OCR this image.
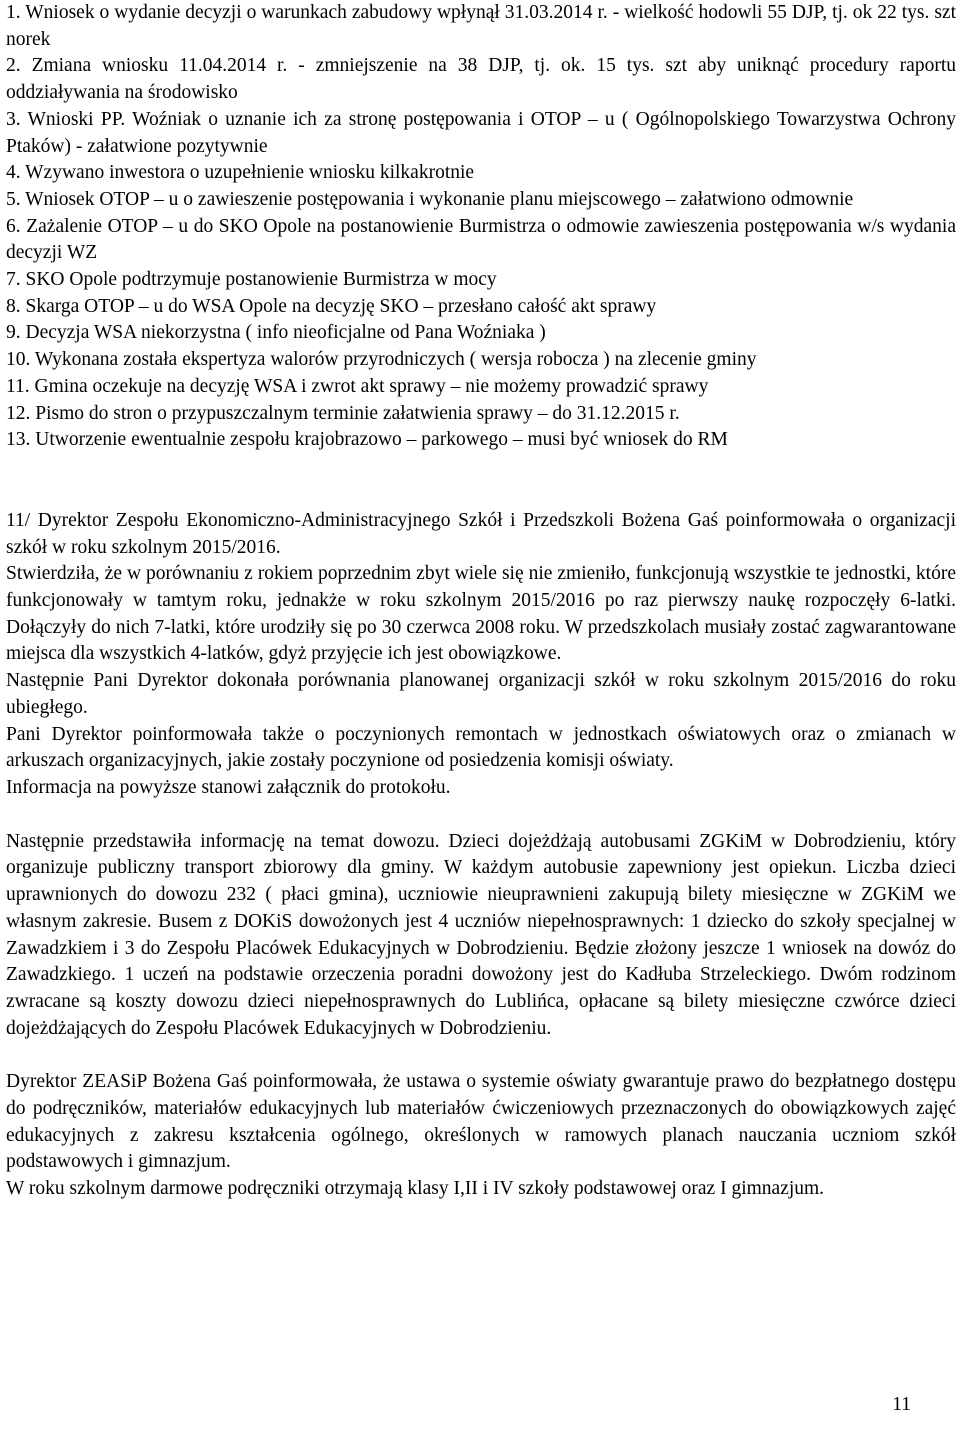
1. Wniosek o wydanie decyzji o warunkach zabudowy wpłynął 31.03.2014 r. - wielkość hodowli 55 DJP, tj. ok 22 tys. szt norek

2. Zmiana wniosku 11.04.2014 r. - zmniejszenie na 38 DJP, tj. ok. 15 tys. szt aby uniknąć procedury raportu oddziaływania na środowisko

3. Wnioski PP. Woźniak o uznanie ich za stronę postępowania i OTOP – u ( Ogólnopolskiego Towarzystwa Ochrony Ptaków) - załatwione pozytywnie

4. Wzywano inwestora o uzupełnienie wniosku kilkakrotnie

5. Wniosek OTOP – u o zawieszenie postępowania i wykonanie planu miejscowego – załatwiono odmownie

6. Zażalenie OTOP – u do SKO Opole na postanowienie Burmistrza o odmowie zawieszenia postępowania w/s wydania decyzji WZ

7. SKO Opole podtrzymuje postanowienie Burmistrza w mocy

8. Skarga OTOP – u do WSA Opole na decyzję SKO – przesłano całość akt sprawy

9. Decyzja WSA niekorzystna ( info nieoficjalne od Pana Woźniaka )

10. Wykonana została ekspertyza walorów przyrodniczych ( wersja robocza ) na zlecenie gminy

11. Gmina oczekuje na decyzję WSA i zwrot akt sprawy – nie możemy prowadzić sprawy

12. Pismo do stron o przypuszczalnym terminie załatwienia sprawy – do 31.12.2015 r.

13. Utworzenie ewentualnie zespołu krajobrazowo – parkowego – musi być wniosek do RM

11/ Dyrektor Zespołu Ekonomiczno-Administracyjnego Szkół i Przedszkoli Bożena Gaś poinformowała o organizacji szkół w roku szkolnym 2015/2016.

Stwierdziła, że w porównaniu z rokiem poprzednim zbyt wiele się nie zmieniło, funkcjonują wszystkie te jednostki, które funkcjonowały w tamtym roku, jednakże w roku szkolnym 2015/2016 po raz pierwszy naukę rozpoczęły 6-latki. Dołączyły do nich 7-latki, które urodziły się po 30 czerwca 2008 roku. W przedszkolach musiały zostać zagwarantowane miejsca dla wszystkich 4-latków, gdyż przyjęcie ich jest obowiązkowe.

Następnie Pani Dyrektor dokonała porównania planowanej organizacji szkół w roku szkolnym 2015/2016 do roku ubiegłego.

Pani Dyrektor poinformowała także o poczynionych remontach w jednostkach oświatowych oraz o zmianach w arkuszach organizacyjnych, jakie zostały poczynione od posiedzenia komisji oświaty.

Informacja na powyższe stanowi załącznik do protokołu.

Następnie przedstawiła informację na temat dowozu. Dzieci dojeżdżają autobusami ZGKiM w Dobrodzieniu, który organizuje publiczny transport zbiorowy dla gminy. W każdym autobusie zapewniony jest opiekun. Liczba dzieci uprawnionych do dowozu 232 ( płaci gmina), uczniowie nieuprawnieni zakupują bilety miesięczne w ZGKiM we własnym zakresie. Busem z DOKiS dowożonych jest 4 uczniów niepełnosprawnych: 1 dziecko do szkoły specjalnej w Zawadzkiem i 3 do Zespołu Placówek Edukacyjnych w Dobrodzieniu. Będzie złożony jeszcze 1 wniosek na dowóz do Zawadzkiego. 1 uczeń na podstawie orzeczenia poradni dowożony jest do Kadłuba Strzeleckiego. Dwóm rodzinom zwracane są koszty dowozu dzieci niepełnosprawnych do Lublińca, opłacane są bilety miesięczne czwórce dzieci dojeżdżających do Zespołu Placówek Edukacyjnych w Dobrodzieniu.

Dyrektor ZEASiP Bożena Gaś poinformowała, że ustawa o systemie oświaty gwarantuje prawo do bezpłatnego dostępu do podręczników, materiałów edukacyjnych lub materiałów ćwiczeniowych przeznaczonych do obowiązkowych zajęć edukacyjnych z zakresu kształcenia ogólnego, określonych w ramowych planach nauczania uczniom szkół podstawowych i gimnazjum.

W roku szkolnym darmowe podręczniki otrzymają klasy I,II i IV szkoły podstawowej oraz I gimnazjum.

11
